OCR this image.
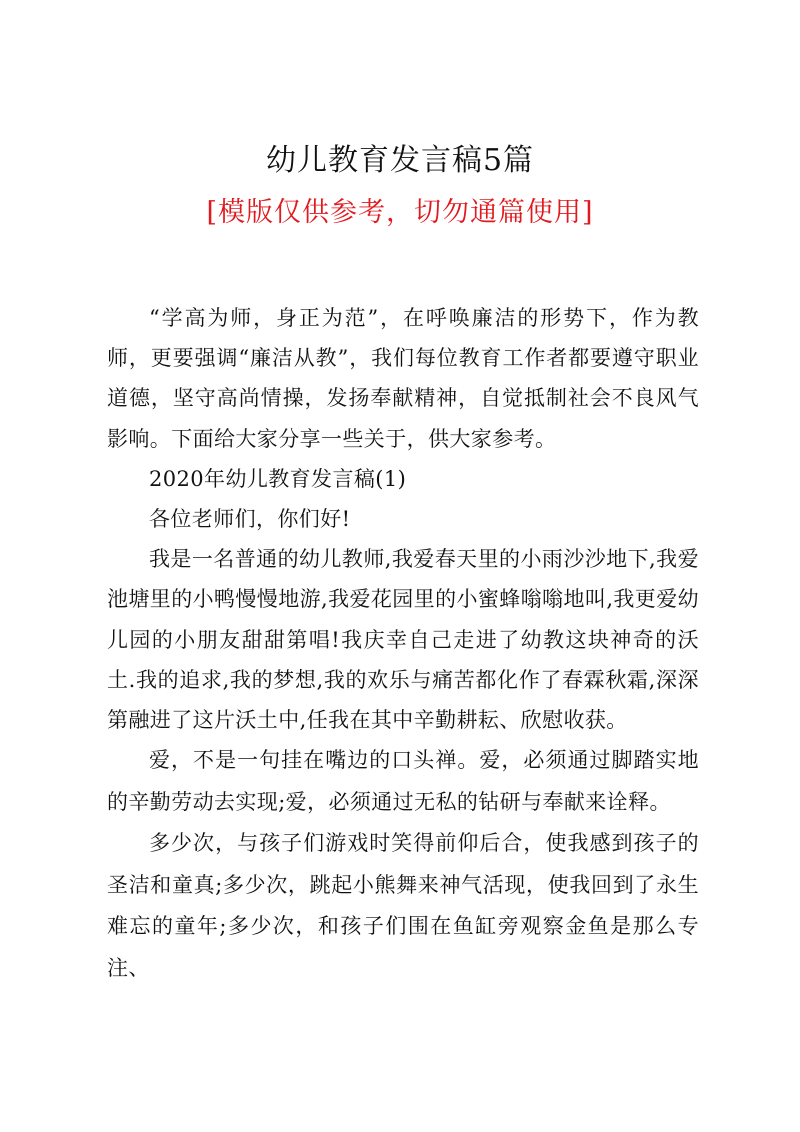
幼儿教育发言稿5篇
[模版仅供参考，切勿通篇使用]

“学高为师，身正为范”，在呼唤廉洁的形势下，作为教师，更要强调“廉洁从教”，我们每位教育工作者都要遵守职业道德，坚守高尚情操，发扬奉献精神，自觉抵制社会不良风气影响。下面给大家分享一些关于，供大家参考。

2020年幼儿教育发言稿(1)

各位老师们，你们好!

我是一名普通的幼儿教师,我爱春天里的小雨沙沙地下,我爱池塘里的小鸭慢慢地游,我爱花园里的小蜜蜂嗡嗡地叫,我更爱幼儿园的小朋友甜甜第唱!我庆幸自己走进了幼教这块神奇的沃土.我的追求,我的梦想,我的欢乐与痛苦都化作了春霖秋霜,深深第融进了这片沃土中,任我在其中辛勤耕耘、欣慰收获。

爱，不是一句挂在嘴边的口头禅。爱，必须通过脚踏实地的辛勤劳动去实现;爱，必须通过无私的钻研与奉献来诠释。

多少次，与孩子们游戏时笑得前仰后合，使我感到孩子的圣洁和童真;多少次，跳起小熊舞来神气活现，使我回到了永生难忘的童年;多少次，和孩子们围在鱼缸旁观察金鱼是那么专注、
